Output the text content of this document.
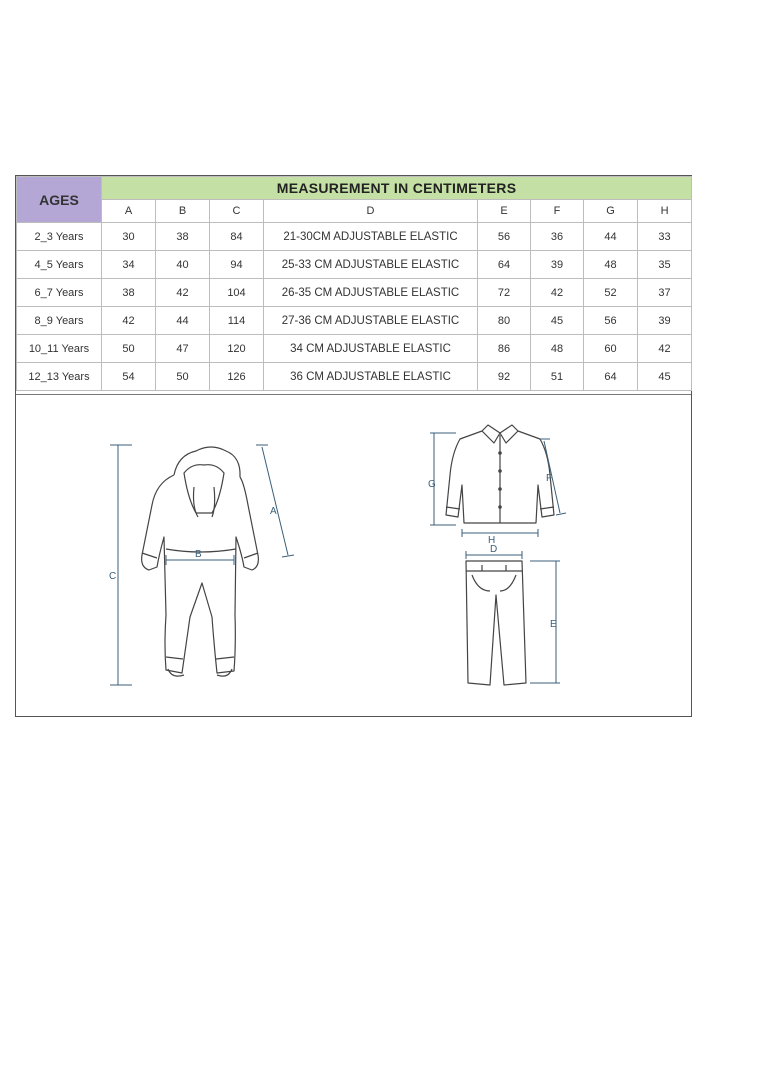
AGES	MEASUREMENT IN CENTIMETERS							
	A	B	C	D	E	F	G	H
2_3 Years	30	38	84	21-30CM ADJUSTABLE ELASTIC	56	36	44	33
4_5 Years	34	40	94	25-33 CM ADJUSTABLE ELASTIC	64	39	48	35
6_7 Years	38	42	104	26-35 CM ADJUSTABLE ELASTIC	72	42	52	37
8_9 Years	42	44	114	27-36 CM ADJUSTABLE ELASTIC	80	45	56	39
10_11 Years	50	47	120	34 CM ADJUSTABLE ELASTIC	86	48	60	42
12_13 Years	54	50	126	36 CM ADJUSTABLE ELASTIC	92	51	64	45
C
A
B
G
F
H
D
E
